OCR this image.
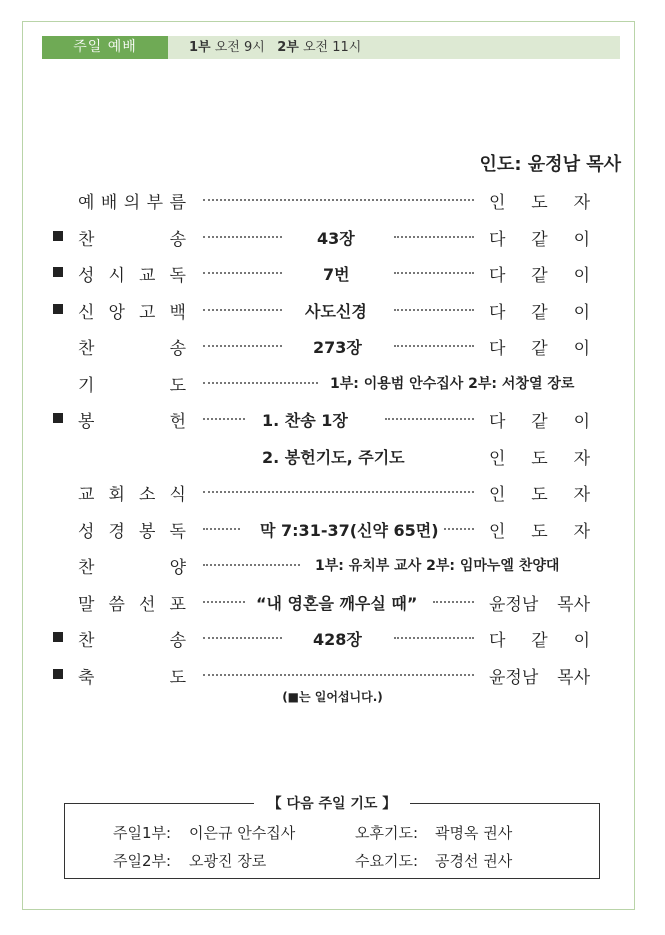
주일 예배	1부 오전 9시 2부 오전 11시
인도: 윤정남 목사
예 배 의 부 름	인 도 자
찬	송	43장	다 같 이
성 시 교 독	7번	다 같 이
신 앙 고 백	사도신경	다 같 이
찬	송	273장	다 같 이
기	도	1부: 이용범 안수집사 2부: 서창열 장로
봉	헌	1. 찬송 1장	다 같 이
2. 봉헌기도, 주기도	인 도 자
교 회 소 식	인 도 자
성 경 봉 독	막 7:31-37(신약 65면)	인 도 자
찬	양	1부: 유치부 교사 2부: 임마누엘 찬양대
말 씀 선 포	“내 영혼을 깨우실 때”	윤정남 목사
찬	송	428장	다 같 이
축	도	윤정남 목사
(■는 일어섭니다.)
【 다음 주일 기도 】
주일1부: 이은규 안수집사	오후기도: 곽명옥 권사
주일2부: 오광진 장로	수요기도: 공경선 권사
